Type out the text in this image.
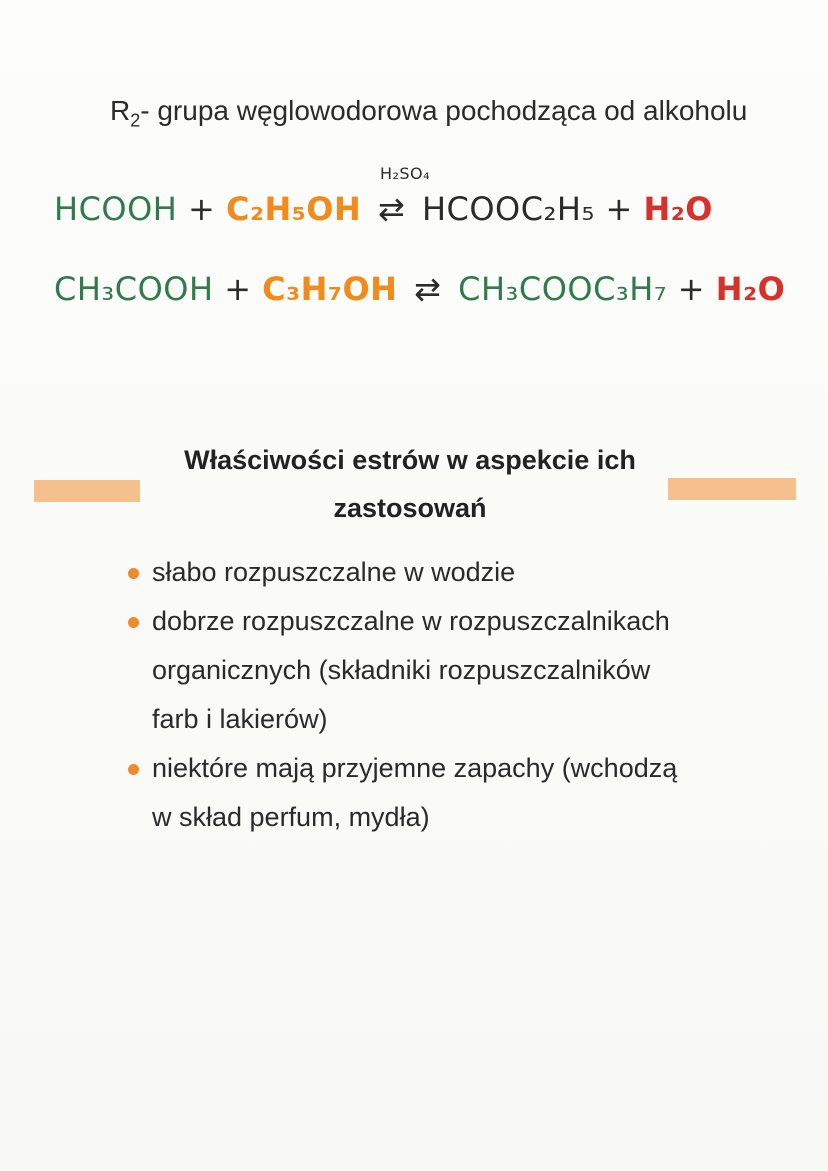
$R_2-$ grupa węglowodorowa pochodząca od alkoholu
HCOOH + C₂H₅OH
H₂SO₄
⇄ HCOOC₂H₅ + H₂O
CH₃COOH + C₃H₇OH ⇄ CH₃COOC₃H₇ + H₂O
Właściwości estrów w aspekcie ich zastosowań
słabo rozpuszczalne w wodzie
dobrze rozpuszczalne w rozpuszczalnikach organicznych (składniki rozpuszczalników farb i lakierów)
niektóre mają przyjemne zapachy (wchodzą w skład perfum, mydła)
